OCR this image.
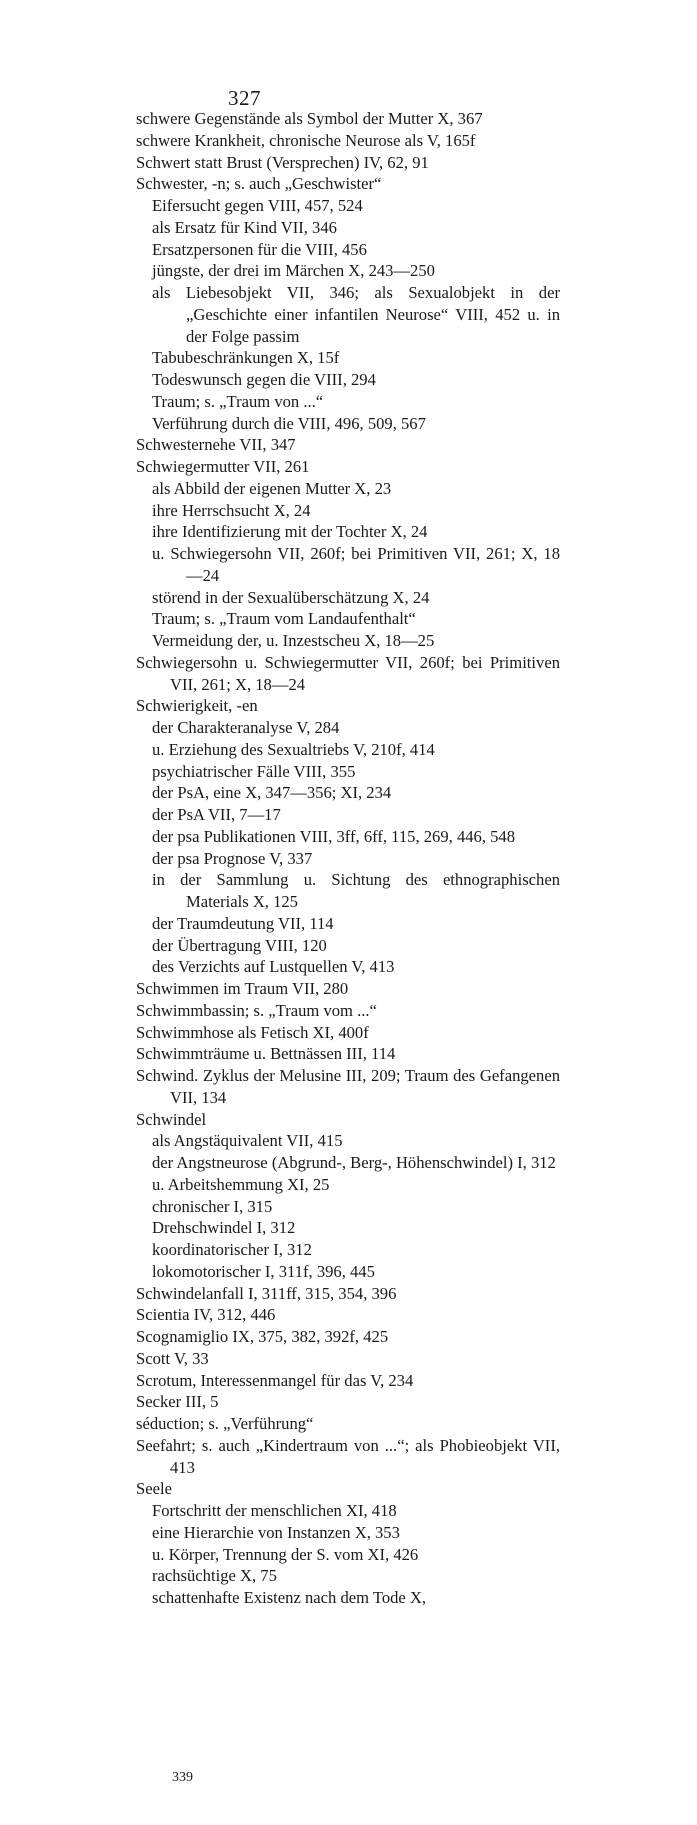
327
schwere Gegenstände als Symbol der Mutter X, 367
schwere Krankheit, chronische Neurose als V, 165f
Schwert statt Brust (Versprechen) IV, 62, 91
Schwester, -n; s. auch „Geschwister“
Eifersucht gegen VIII, 457, 524
als Ersatz für Kind VII, 346
Ersatzpersonen für die VIII, 456
jüngste, der drei im Märchen X, 243—250
als Liebesobjekt VII, 346; als Sexualobjekt in der „Geschichte einer infantilen Neurose“ VIII, 452 u. in der Folge passim
Tabubeschränkungen X, 15f
Todeswunsch gegen die VIII, 294
Traum; s. „Traum von ...“
Verführung durch die VIII, 496, 509, 567
Schwesternehe VII, 347
Schwiegermutter VII, 261
als Abbild der eigenen Mutter X, 23
ihre Herrschsucht X, 24
ihre Identifizierung mit der Tochter X, 24
u. Schwiegersohn VII, 260f; bei Primitiven VII, 261; X, 18—24
störend in der Sexualüberschätzung X, 24
Traum; s. „Traum vom Landaufenthalt“
Vermeidung der, u. Inzestscheu X, 18—25
Schwiegersohn u. Schwiegermutter VII, 260f; bei Primitiven VII, 261; X, 18—24
Schwierigkeit, -en
der Charakteranalyse V, 284
u. Erziehung des Sexualtriebs V, 210f, 414
psychiatrischer Fälle VIII, 355
der PsA, eine X, 347—356; XI, 234
der PsA VII, 7—17
der psa Publikationen VIII, 3ff, 6ff, 115, 269, 446, 548
der psa Prognose V, 337
in der Sammlung u. Sichtung des ethnographischen Materials X, 125
der Traumdeutung VII, 114
der Übertragung VIII, 120
des Verzichts auf Lustquellen V, 413
Schwimmen im Traum VII, 280
Schwimmbassin; s. „Traum vom ...“
Schwimmhose als Fetisch XI, 400f
Schwimmträume u. Bettnässen III, 114
Schwind. Zyklus der Melusine III, 209; Traum des Gefangenen VII, 134
Schwindel
als Angstäquivalent VII, 415
der Angstneurose (Abgrund-, Berg-, Höhenschwindel) I, 312
u. Arbeitshemmung XI, 25
chronischer I, 315
Drehschwindel I, 312
koordinatorischer I, 312
lokomotorischer I, 311f, 396, 445
Schwindelanfall I, 311ff, 315, 354, 396
Scientia IV, 312, 446
Scognamiglio IX, 375, 382, 392f, 425
Scott V, 33
Scrotum, Interessenmangel für das V, 234
Secker III, 5
séduction; s. „Verführung“
Seefahrt; s. auch „Kindertraum von ...“; als Phobieobjekt VII, 413
Seele
Fortschritt der menschlichen XI, 418
eine Hierarchie von Instanzen X, 353
u. Körper, Trennung der S. vom XI, 426
rachsüchtige X, 75
schattenhafte Existenz nach dem Tode X,
339
